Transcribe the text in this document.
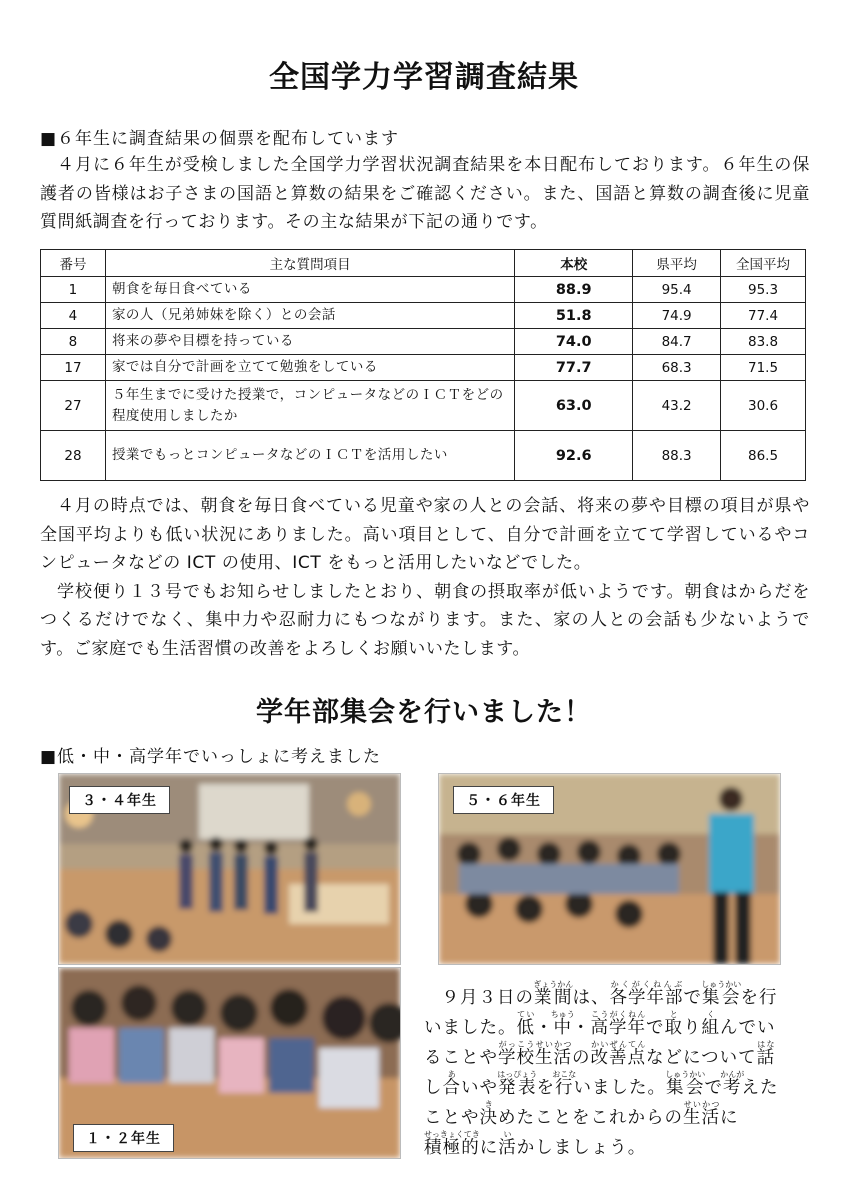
全国学力学習調査結果
■６年生に調査結果の個票を配布しています

４月に６年生が受検しました全国学力学習状況調査結果を本日配布しております。６年生の保護者の皆様はお子さまの国語と算数の結果をご確認ください。また、国語と算数の調査後に児童質問紙調査を行っております。その主な結果が下記の通りです。

番号	主な質問項目	本校	県平均	全国平均
1	朝食を毎日食べている	88.9	95.4	95.3
4	家の人（兄弟姉妹を除く）との会話	51.8	74.9	77.4
8	将来の夢や目標を持っている	74.0	84.7	83.8
17	家では自分で計画を立てて勉強をしている	77.7	68.3	71.5
27	５年生までに受けた授業で，コンピュータなどのＩＣＴをどの程度使用しましたか	63.0	43.2	30.6
28	授業でもっとコンピュータなどのＩＣＴを活用したい	92.6	88.3	86.5

４月の時点では、朝食を毎日食べている児童や家の人との会話、将来の夢や目標の項目が県や全国平均よりも低い状況にありました。高い項目として、自分で計画を立てて学習しているやコンピュータなどの ICT の使用、ICT をもっと活用したいなどでした。

学校便り１３号でもお知らせしましたとおり、朝食の摂取率が低いようです。朝食はからだをつくるだけでなく、集中力や忍耐力にもつながります。また、家の人との会話も少ないようです。ご家庭でも生活習慣の改善をよろしくお願いいたします。

学年部集会を行いました！
■低・中・高学年でいっしょに考えました
３・４年生
１・２年生
５・６年生

９月３日の業間ぎょうかんは、各学年部かくがくねんぶで集会しゅうかいを行いました。低てい・中ちゅう・高学年こうがくねんで取とり組くんでいることや学校生活がっこうせいかつの改善点かいぜんてんなどについて話はなし合あいや発表はっぴょうを行おこないました。集会しゅうかいで考かんがえたことや決きめたことをこれからの生活せいかつに積極的せっきょくてきに活いかしましょう。
